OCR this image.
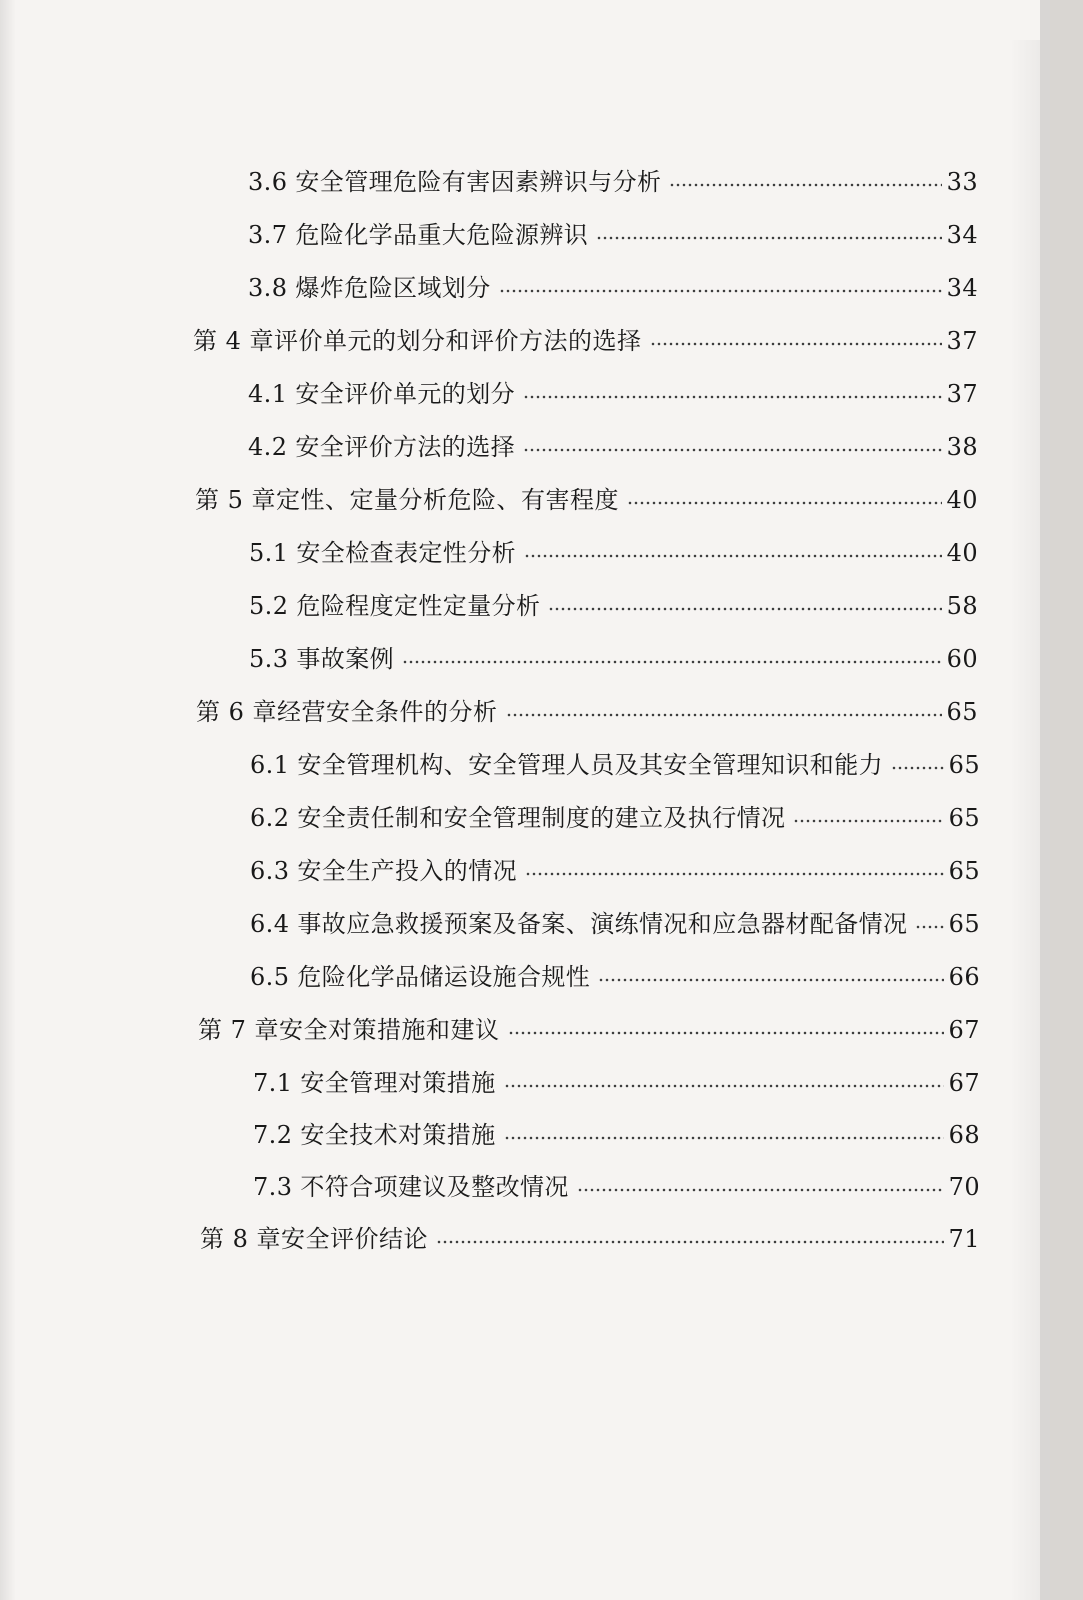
3.6 安全管理危险有害因素辨识与分析	33
3.7 危险化学品重大危险源辨识	34
3.8 爆炸危险区域划分	34
第 4 章评价单元的划分和评价方法的选择	37
4.1 安全评价单元的划分	37
4.2 安全评价方法的选择	38
第 5 章定性、定量分析危险、有害程度	40
5.1 安全检查表定性分析	40
5.2 危险程度定性定量分析	58
5.3 事故案例	60
第 6 章经营安全条件的分析	65
6.1 安全管理机构、安全管理人员及其安全管理知识和能力	65
6.2 安全责任制和安全管理制度的建立及执行情况	65
6.3 安全生产投入的情况	65
6.4 事故应急救援预案及备案、演练情况和应急器材配备情况	65
6.5 危险化学品储运设施合规性	66
第 7 章安全对策措施和建议	67
7.1 安全管理对策措施	67
7.2 安全技术对策措施	68
7.3 不符合项建议及整改情况	70
第 8 章安全评价结论	71
